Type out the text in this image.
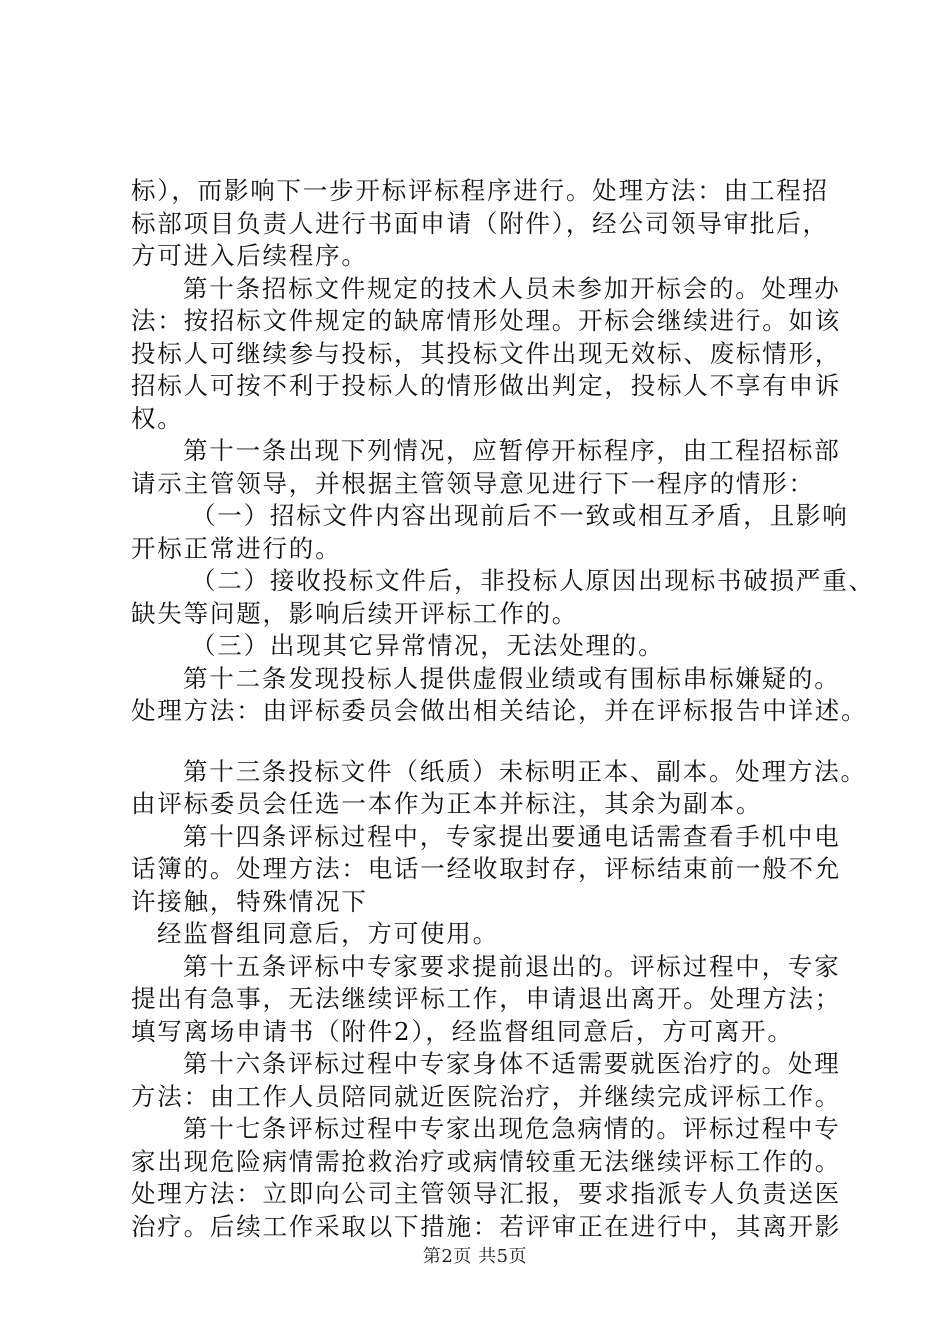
标），而影响下一步开标评标程序进行。处理方法：由工程招
标部项目负责人进行书面申请（附件），经公司领导审批后，
方可进入后续程序。
第十条招标文件规定的技术人员未参加开标会的。处理办
法：按招标文件规定的缺席情形处理。开标会继续进行。如该
投标人可继续参与投标，其投标文件出现无效标、废标情形，
招标人可按不利于投标人的情形做出判定，投标人不享有申诉
权。
第十一条出现下列情况，应暂停开标程序，由工程招标部
请示主管领导，并根据主管领导意见进行下一程序的情形：
（一）招标文件内容出现前后不一致或相互矛盾，且影响
开标正常进行的。
（二）接收投标文件后，非投标人原因出现标书破损严重、
缺失等问题，影响后续开评标工作的。
（三）出现其它异常情况，无法处理的。
第十二条发现投标人提供虚假业绩或有围标串标嫌疑的。
处理方法：由评标委员会做出相关结论，并在评标报告中详述。
第十三条投标文件（纸质）未标明正本、副本。处理方法。
由评标委员会任选一本作为正本并标注，其余为副本。
第十四条评标过程中，专家提出要通电话需查看手机中电
话簿的。处理方法：电话一经收取封存，评标结束前一般不允
许接触，特殊情况下
经监督组同意后，方可使用。
第十五条评标中专家要求提前退出的。评标过程中，专家
提出有急事，无法继续评标工作，申请退出离开。处理方法；
填写离场申请书（附件2），经监督组同意后，方可离开。
第十六条评标过程中专家身体不适需要就医治疗的。处理
方法：由工作人员陪同就近医院治疗，并继续完成评标工作。
第十七条评标过程中专家出现危急病情的。评标过程中专
家出现危险病情需抢救治疗或病情较重无法继续评标工作的。
处理方法：立即向公司主管领导汇报，要求指派专人负责送医
治疗。后续工作采取以下措施：若评审正在进行中，其离开影
第2页 共5页
